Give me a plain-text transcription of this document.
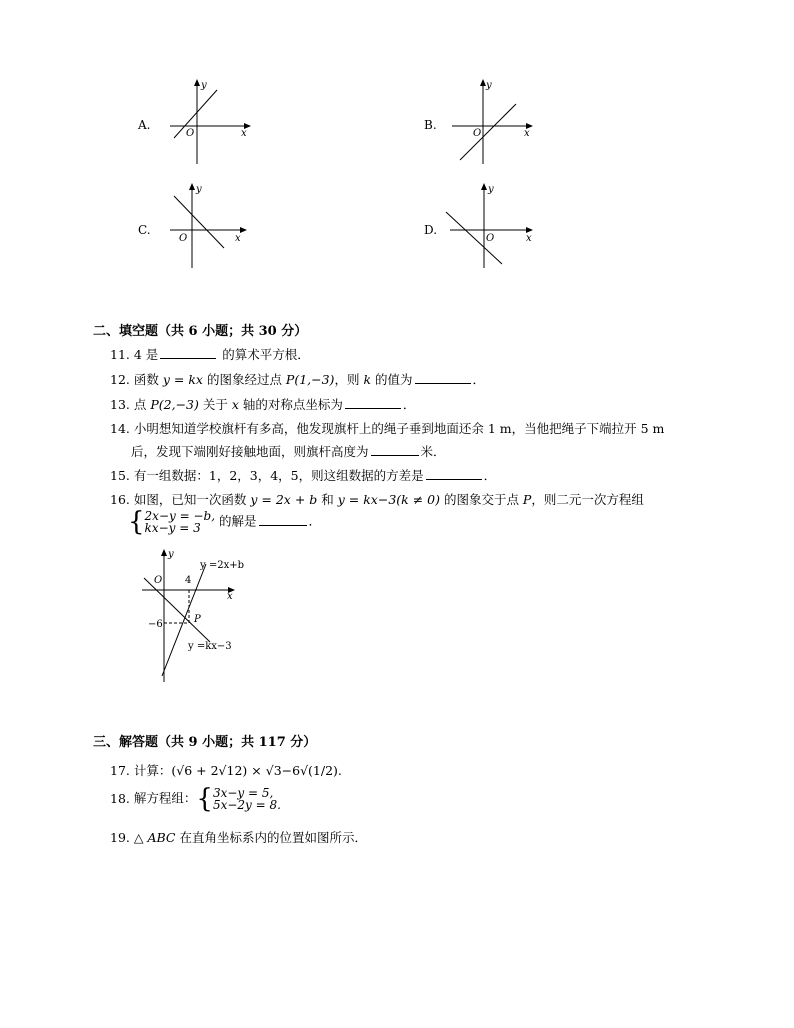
A.
y
x
O
B.
y
x
O
C.
y
x
O
D.
y
x
O
二、填空题（共 6 小题；共 30 分）
11. 4 是	的算术平方根．
12. 函数 y = kx 的图象经过点 P(1,−3)，则 k 的值为	．
13. 点 P(2,−3) 关于 x 轴的对称点坐标为	．
14. 小明想知道学校旗杆有多高，他发现旗杆上的绳子垂到地面还余 1 m，当他把绳子下端拉开 5 m
后，发现下端刚好接触地面，则旗杆高度为	米．
15. 有一组数据：1，2，3，4，5，则这组数据的方差是	．
16. 如图，已知一次函数 y = 2x + b 和 y = kx−3(k ≠ 0) 的图象交于点 P，则二元一次方程组
{2x−y = −b,
kx−y = 3 的解是	．
y
x
O 4
−6	P
y =2x+b
y =kx−3
三、解答题（共 9 小题；共 117 分）
17. 计算：(√6 + 2√12) × √3−6√(1/2).
18. 解方程组：{3x−y = 5,
5x−2y = 8.
19. △ ABC 在直角坐标系内的位置如图所示．
